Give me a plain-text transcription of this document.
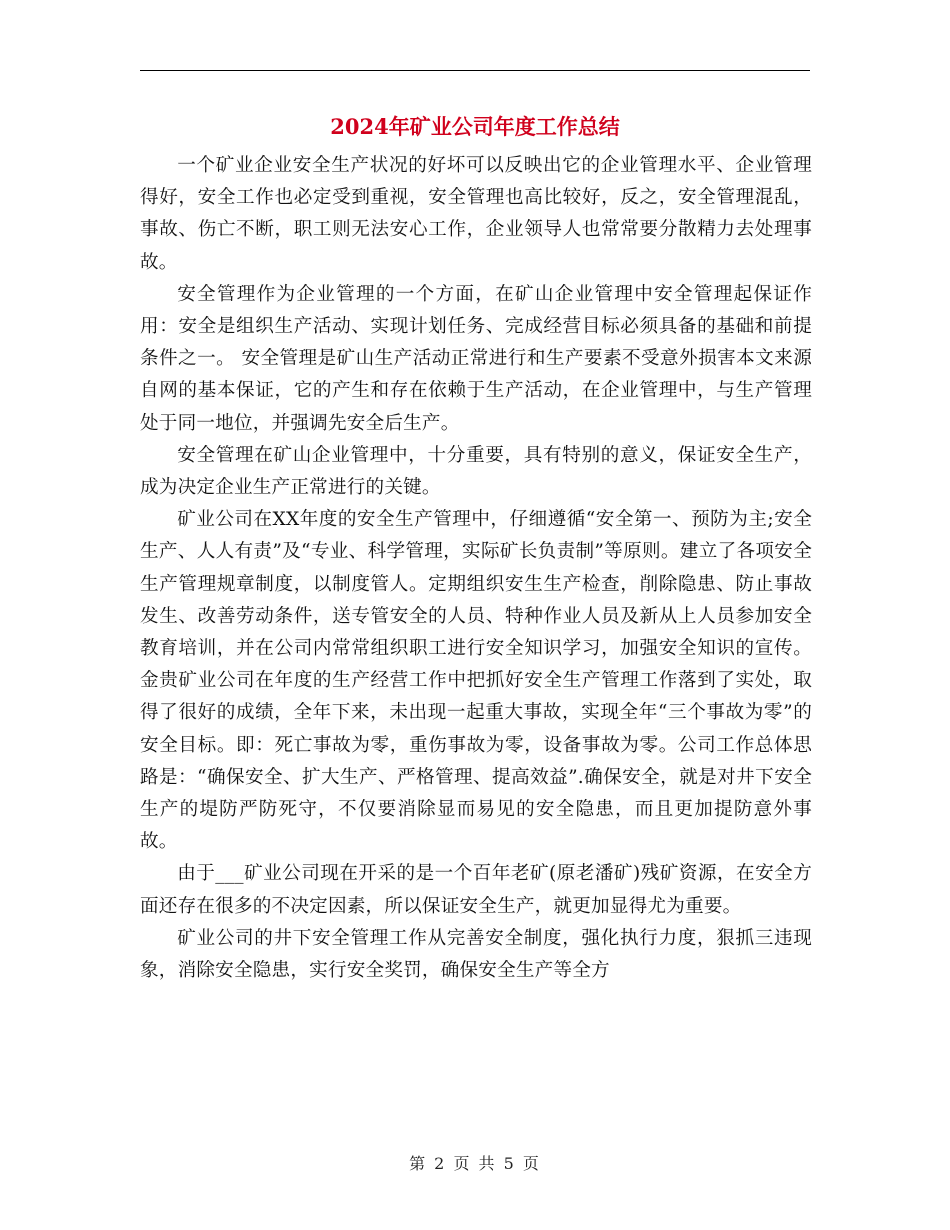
2024年矿业公司年度工作总结

一个矿业企业安全生产状况的好坏可以反映出它的企业管理水平、企业管理得好，安全工作也必定受到重视，安全管理也高比较好，反之，安全管理混乱，事故、伤亡不断，职工则无法安心工作，企业领导人也常常要分散精力去处理事故。

安全管理作为企业管理的一个方面，在矿山企业管理中安全管理起保证作用：安全是组织生产活动、实现计划任务、完成经营目标必须具备的基础和前提条件之一。 安全管理是矿山生产活动正常进行和生产要素不受意外损害本文来源自网的基本保证，它的产生和存在依赖于生产活动，在企业管理中，与生产管理处于同一地位，并强调先安全后生产。

安全管理在矿山企业管理中，十分重要，具有特别的意义，保证安全生产，成为决定企业生产正常进行的关键。

矿业公司在XX年度的安全生产管理中，仔细遵循“安全第一、预防为主;安全生产、人人有责”及“专业、科学管理，实际矿长负责制”等原则。建立了各项安全生产管理规章制度，以制度管人。定期组织安生生产检查，削除隐患、防止事故发生、改善劳动条件，送专管安全的人员、特种作业人员及新从上人员参加安全教育培训，并在公司内常常组织职工进行安全知识学习，加强安全知识的宣传。金贵矿业公司在年度的生产经营工作中把抓好安全生产管理工作落到了实处，取得了很好的成绩，全年下来，未出现一起重大事故，实现全年“三个事故为零”的安全目标。即：死亡事故为零，重伤事故为零，设备事故为零。公司工作总体思路是：“确保安全、扩大生产、严格管理、提高效益”.确保安全，就是对井下安全生产的堤防严防死守，不仅要消除显而易见的安全隐患，而且更加提防意外事故。

由于___矿业公司现在开采的是一个百年老矿(原老潘矿)残矿资源，在安全方面还存在很多的不决定因素，所以保证安全生产，就更加显得尤为重要。

矿业公司的井下安全管理工作从完善安全制度，强化执行力度，狠抓三违现象，消除安全隐患，实行安全奖罚，确保安全生产等全方

第 2 页 共 5 页
